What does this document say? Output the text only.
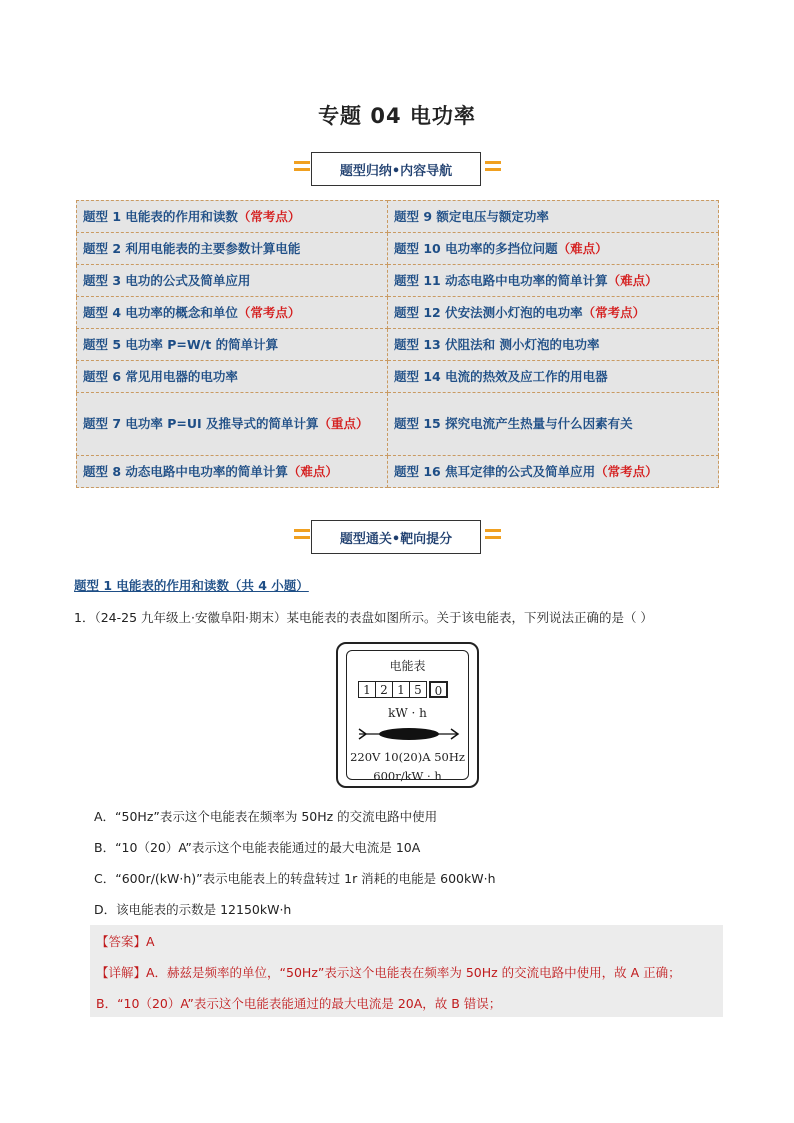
专题 04 电功率
题型归纳•内容导航
题型 1 电能表的作用和读数（常考点）	题型 9 额定电压与额定功率
题型 2 利用电能表的主要参数计算电能	题型 10 电功率的多挡位问题（难点）
题型 3 电功的公式及简单应用	题型 11 动态电路中电功率的简单计算（难点）
题型 4 电功率的概念和单位（常考点）	题型 12 伏安法测小灯泡的电功率（常考点）
题型 5 电功率 P=W/t 的简单计算	题型 13 伏阻法和 测小灯泡的电功率
题型 6 常见用电器的电功率	题型 14 电流的热效及应工作的用电器
题型 7 电功率 P=UI 及推导式的简单计算（重点）	题型 15 探究电流产生热量与什么因素有关
题型 8 动态电路中电功率的简单计算（难点）	题型 16 焦耳定律的公式及简单应用（常考点）
题型通关•靶向提分
题型 1 电能表的作用和读数（共 4 小题）
1．（24-25 九年级上·安徽阜阳·期末）某电能表的表盘如图所示。关于该电能表，下列说法正确的是（ ）
电能表
1 2 1 5	0
kW · h
220V 10(20)A 50Hz
600r/kW · h
A．“50Hz”表示这个电能表在频率为 50Hz 的交流电路中使用
B．“10（20）A”表示这个电能表能通过的最大电流是 10A
C．“600r/(kW·h)”表示电能表上的转盘转过 1r 消耗的电能是 600kW·h
D．该电能表的示数是 12150kW·h
【答案】A
【详解】A．赫兹是频率的单位，“50Hz”表示这个电能表在频率为 50Hz 的交流电路中使用，故 A 正确；
B．“10（20）A”表示这个电能表能通过的最大电流是 20A，故 B 错误；
